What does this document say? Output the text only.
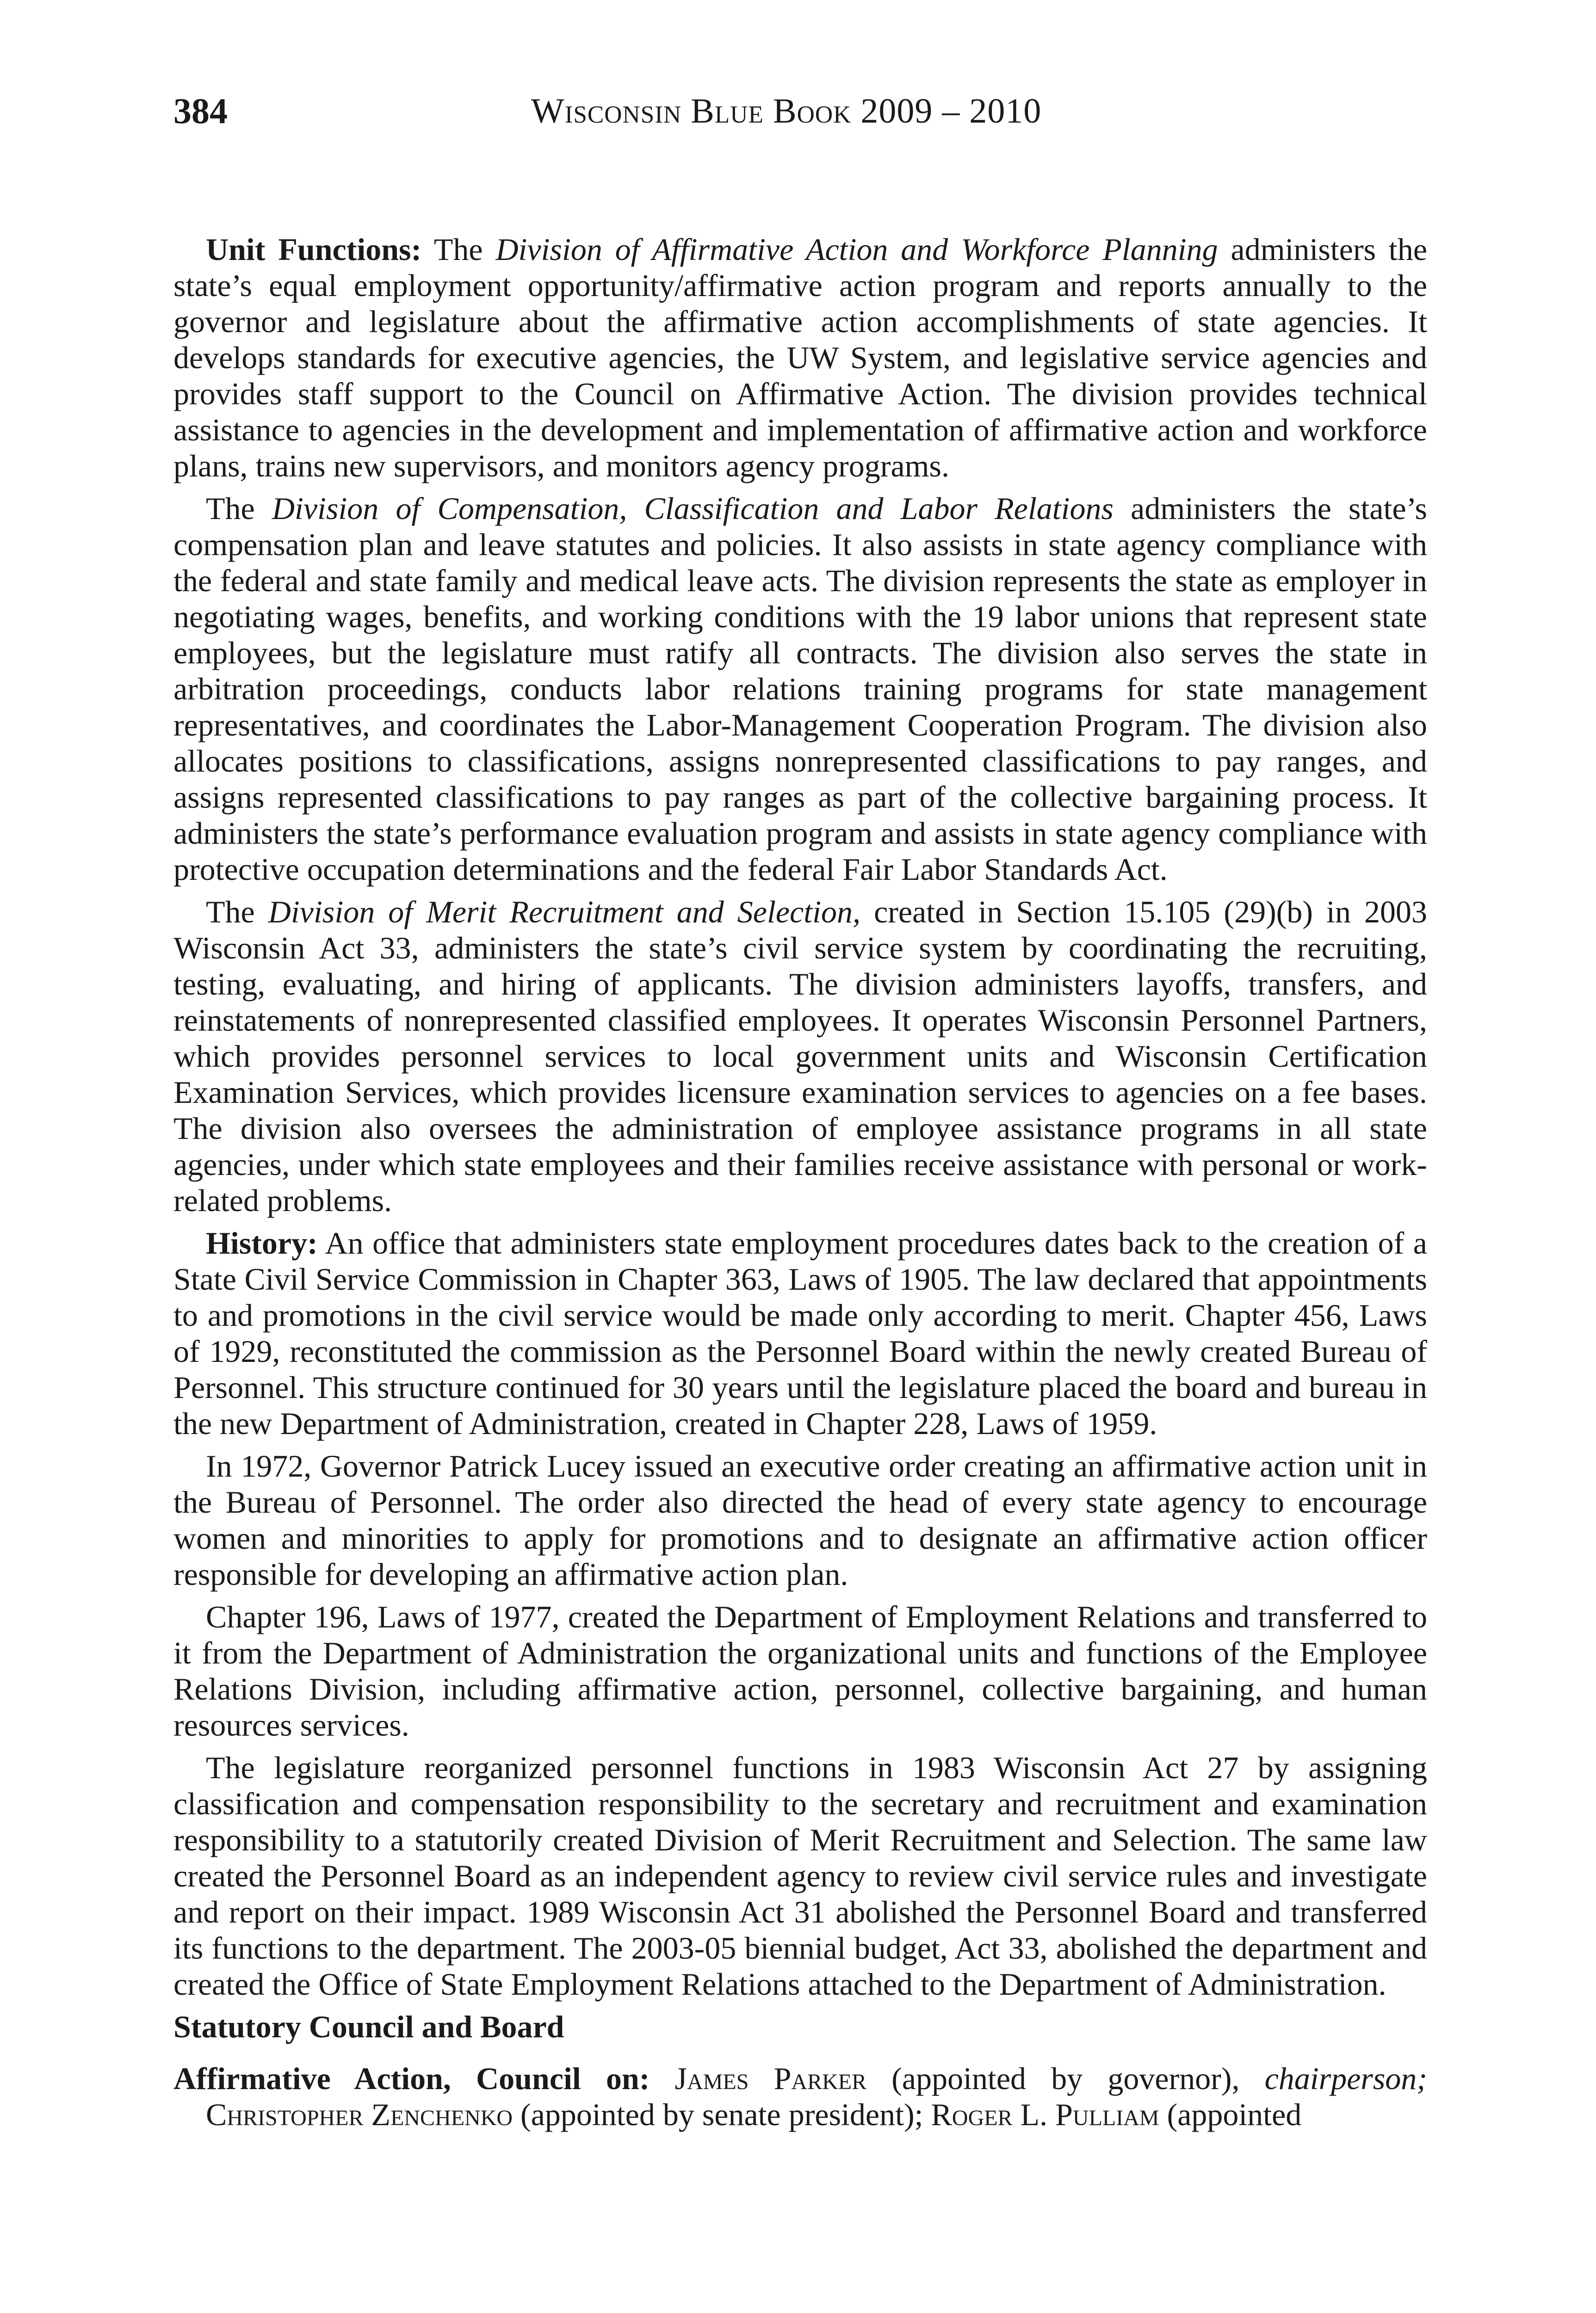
384	Wisconsin Blue Book 2009 – 2010

Unit Functions: The Division of Affirmative Action and Workforce Planning administers the state’s equal employment opportunity/affirmative action program and reports annually to the governor and legislature about the affirmative action accomplishments of state agencies. It develops standards for executive agencies, the UW System, and legislative service agencies and provides staff support to the Council on Affirmative Action. The division provides technical assistance to agencies in the development and implementation of affirmative action and workforce plans, trains new supervisors, and monitors agency programs.

The Division of Compensation, Classification and Labor Relations administers the state’s compensation plan and leave statutes and policies. It also assists in state agency compliance with the federal and state family and medical leave acts. The division represents the state as employer in negotiating wages, benefits, and working conditions with the 19 labor unions that represent state employees, but the legislature must ratify all contracts. The division also serves the state in arbitration proceedings, conducts labor relations training programs for state management representatives, and coordinates the Labor-Management Cooperation Program. The division also allocates positions to classifications, assigns nonrepresented classifications to pay ranges, and assigns represented classifications to pay ranges as part of the collective bargaining process. It administers the state’s performance evaluation program and assists in state agency compliance with protective occupation determinations and the federal Fair Labor Standards Act.

The Division of Merit Recruitment and Selection, created in Section 15.105 (29)(b) in 2003 Wisconsin Act 33, administers the state’s civil service system by coordinating the recruiting, testing, evaluating, and hiring of applicants. The division administers layoffs, transfers, and reinstatements of nonrepresented classified employees. It operates Wisconsin Personnel Partners, which provides personnel services to local government units and Wisconsin Certification Examination Services, which provides licensure examination services to agencies on a fee bases. The division also oversees the administration of employee assistance programs in all state agencies, under which state employees and their families receive assistance with personal or work-related problems.

History: An office that administers state employment procedures dates back to the creation of a State Civil Service Commission in Chapter 363, Laws of 1905. The law declared that appointments to and promotions in the civil service would be made only according to merit. Chapter 456, Laws of 1929, reconstituted the commission as the Personnel Board within the newly created Bureau of Personnel. This structure continued for 30 years until the legislature placed the board and bureau in the new Department of Administration, created in Chapter 228, Laws of 1959.

In 1972, Governor Patrick Lucey issued an executive order creating an affirmative action unit in the Bureau of Personnel. The order also directed the head of every state agency to encourage women and minorities to apply for promotions and to designate an affirmative action officer responsible for developing an affirmative action plan.

Chapter 196, Laws of 1977, created the Department of Employment Relations and transferred to it from the Department of Administration the organizational units and functions of the Employee Relations Division, including affirmative action, personnel, collective bargaining, and human resources services.

The legislature reorganized personnel functions in 1983 Wisconsin Act 27 by assigning classification and compensation responsibility to the secretary and recruitment and examination responsibility to a statutorily created Division of Merit Recruitment and Selection. The same law created the Personnel Board as an independent agency to review civil service rules and investigate and report on their impact. 1989 Wisconsin Act 31 abolished the Personnel Board and transferred its functions to the department. The 2003-05 biennial budget, Act 33, abolished the department and created the Office of State Employment Relations attached to the Department of Administration.

Statutory Council and Board

Affirmative Action, Council on: James Parker (appointed by governor), chairperson; Christopher Zenchenko (appointed by senate president); Roger L. Pulliam (appointed
